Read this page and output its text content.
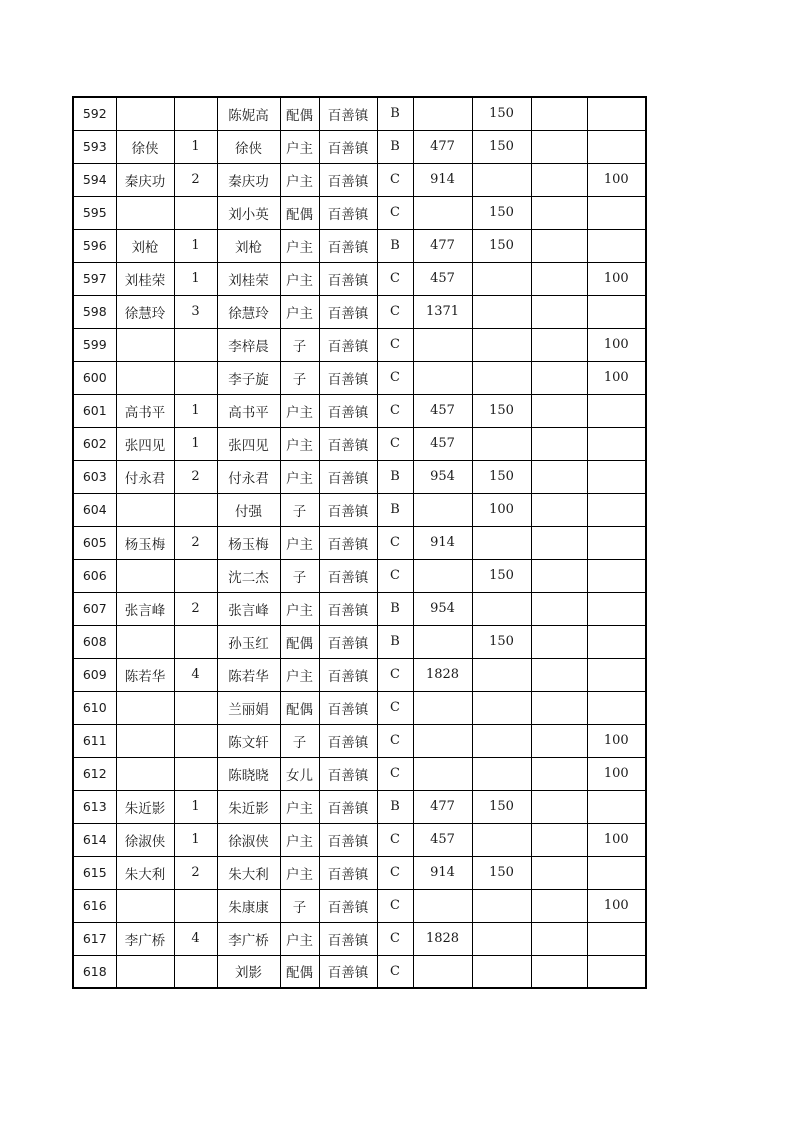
592			陈妮高	配偶	百善镇	B		150		
593	徐侠	1	徐侠	户主	百善镇	B	477	150		
594	秦庆功	2	秦庆功	户主	百善镇	C	914			100
595			刘小英	配偶	百善镇	C		150		
596	刘枪	1	刘枪	户主	百善镇	B	477	150		
597	刘桂荣	1	刘桂荣	户主	百善镇	C	457			100
598	徐慧玲	3	徐慧玲	户主	百善镇	C	1371			
599			李梓晨	子	百善镇	C				100
600			李子旋	子	百善镇	C				100
601	高书平	1	高书平	户主	百善镇	C	457	150		
602	张四见	1	张四见	户主	百善镇	C	457			
603	付永君	2	付永君	户主	百善镇	B	954	150		
604			付强	子	百善镇	B		100		
605	杨玉梅	2	杨玉梅	户主	百善镇	C	914			
606			沈二杰	子	百善镇	C		150		
607	张言峰	2	张言峰	户主	百善镇	B	954			
608			孙玉红	配偶	百善镇	B		150		
609	陈若华	4	陈若华	户主	百善镇	C	1828			
610			兰丽娟	配偶	百善镇	C				
611			陈文轩	子	百善镇	C				100
612			陈晓晓	女儿	百善镇	C				100
613	朱近影	1	朱近影	户主	百善镇	B	477	150		
614	徐淑侠	1	徐淑侠	户主	百善镇	C	457			100
615	朱大利	2	朱大利	户主	百善镇	C	914	150		
616			朱康康	子	百善镇	C				100
617	李广桥	4	李广桥	户主	百善镇	C	1828			
618			刘影	配偶	百善镇	C				
